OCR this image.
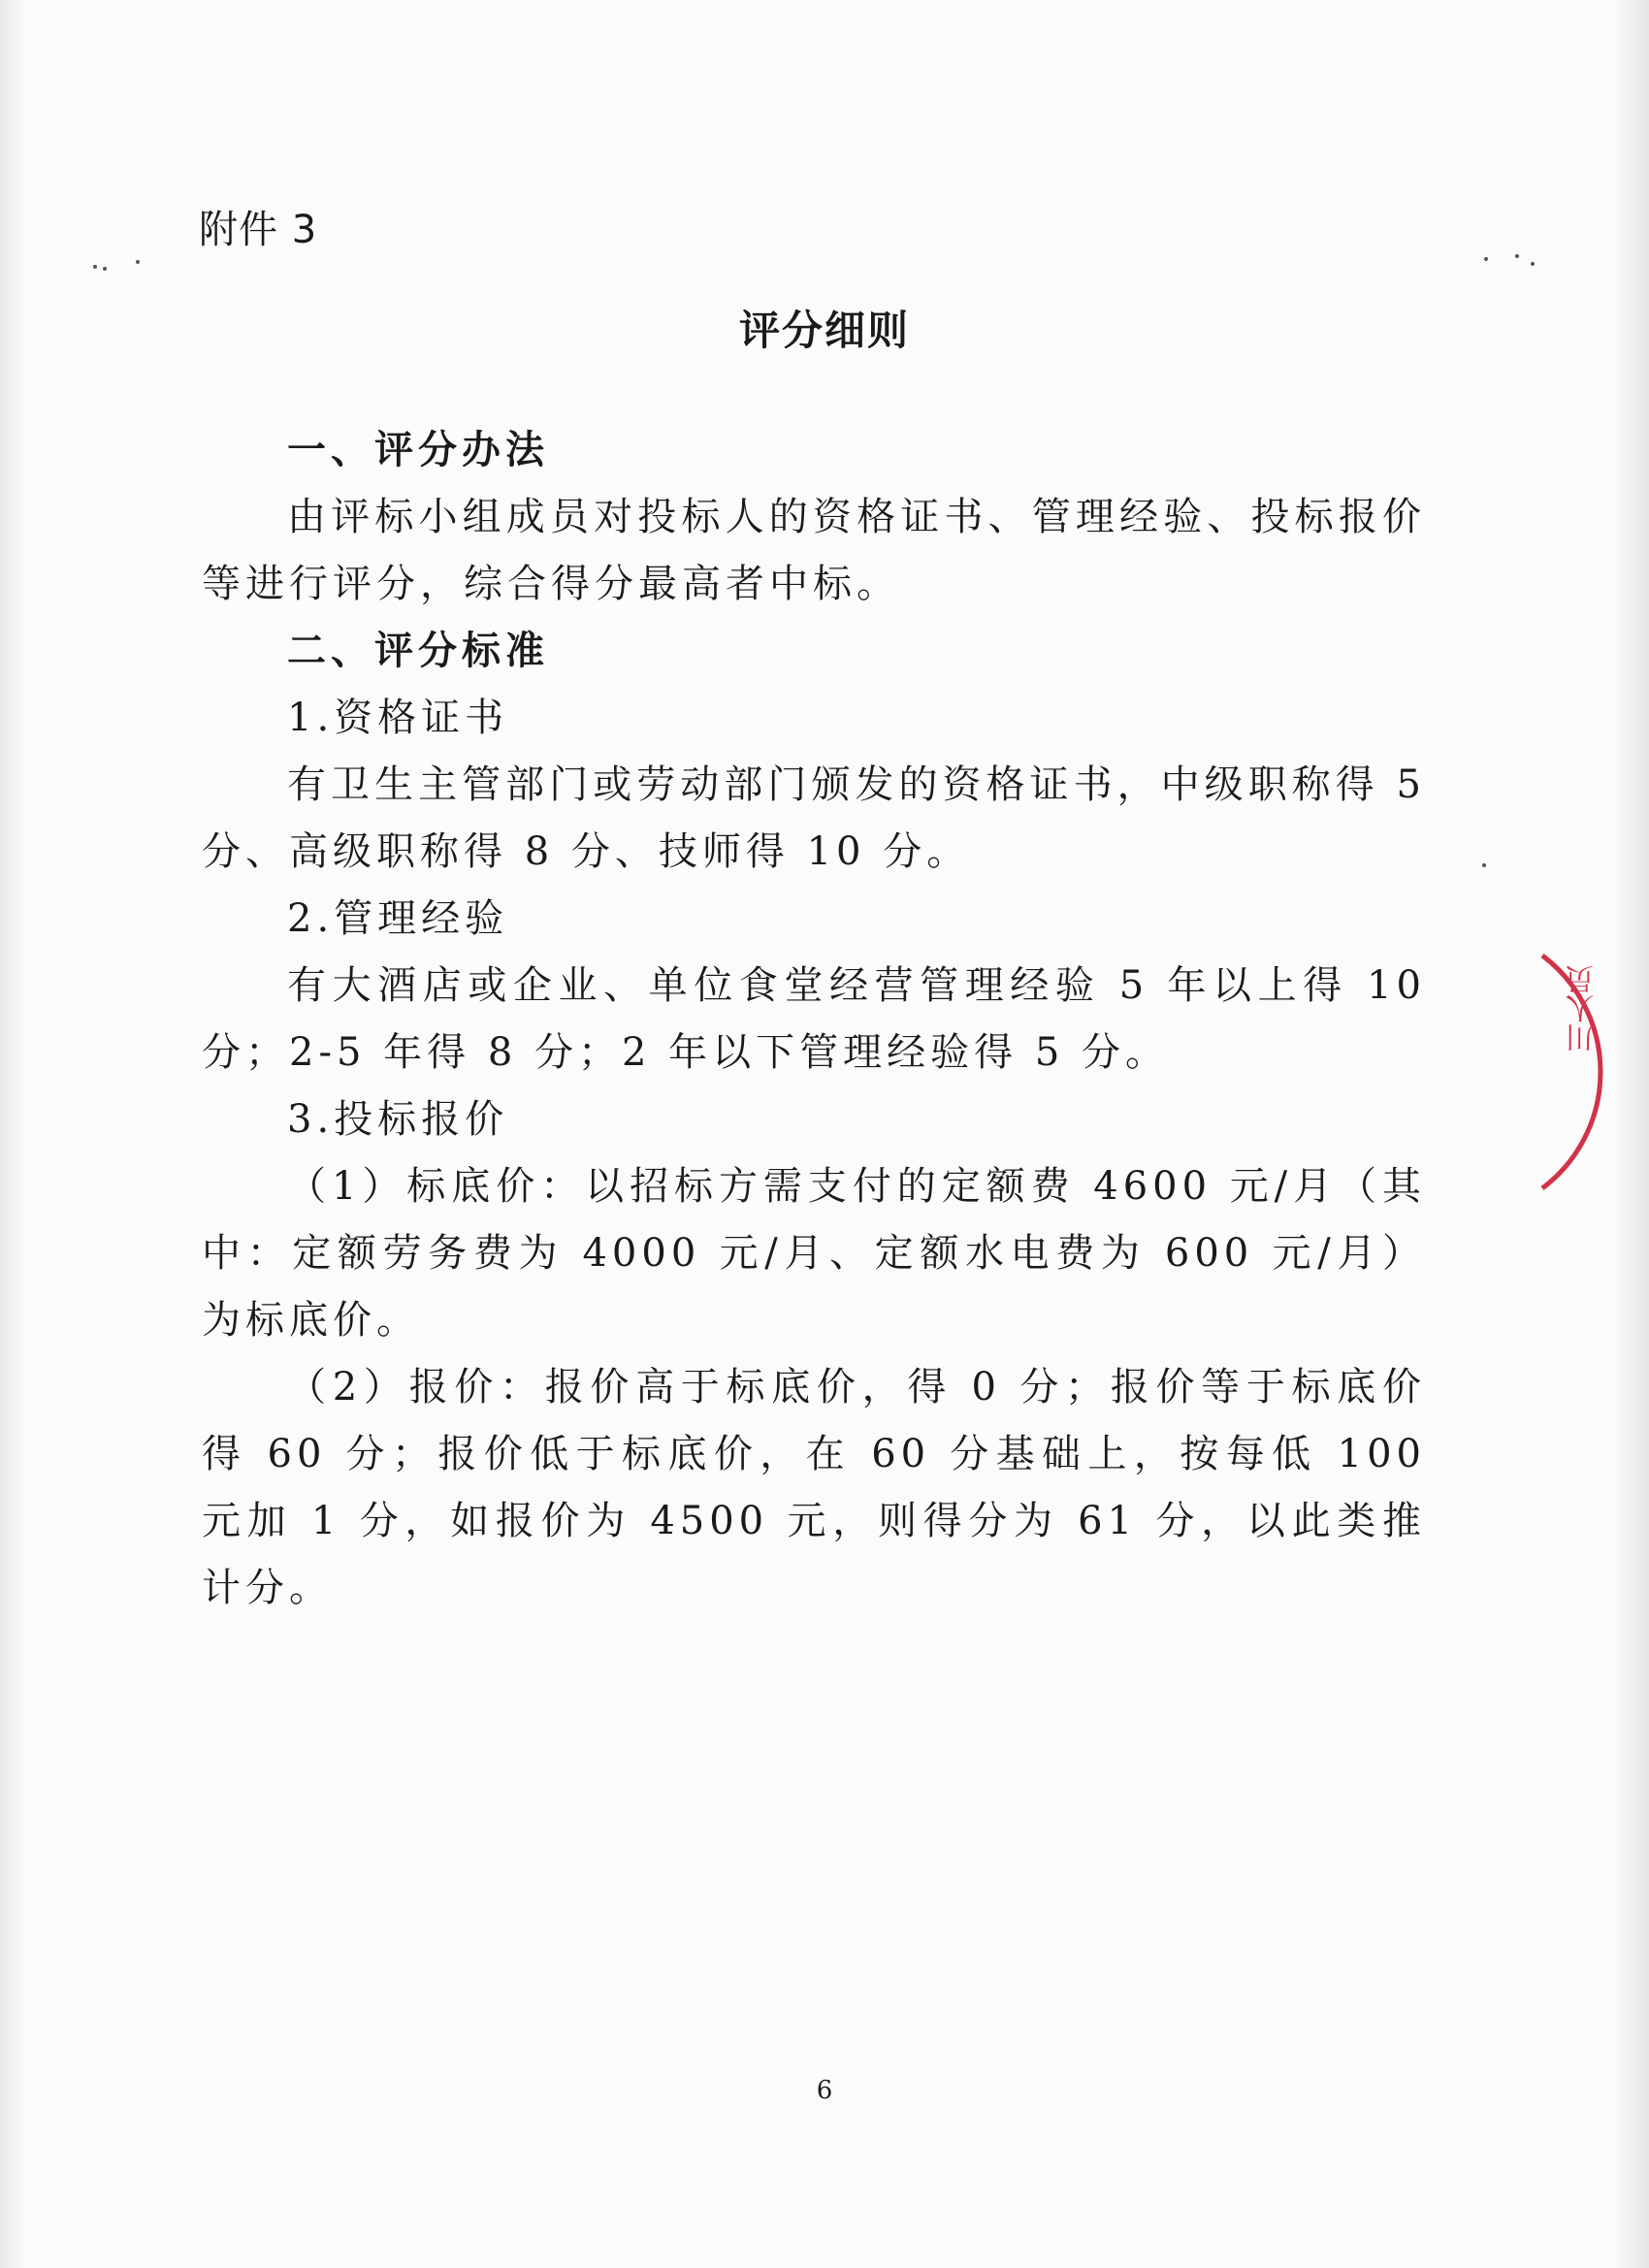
附件 3
评分细则

一、评分办法

由评标小组成员对投标人的资格证书、管理经验、投标报价等进行评分，综合得分最高者中标。

二、评分标准

1.资格证书

有卫生主管部门或劳动部门颁发的资格证书，中级职称得 5 分、高级职称得 8 分、技师得 10 分。

2.管理经验

有大酒店或企业、单位食堂经营管理经验 5 年以上得 10 分；2-5 年得 8 分；2 年以下管理经验得 5 分。

3.投标报价

（1）标底价：以招标方需支付的定额费 4600 元/月（其中：定额劳务费为 4000 元/月、定额水电费为 600 元/月）为标底价。

（2）报价：报价高于标底价，得 0 分；报价等于标底价得 60 分；报价低于标底价，在 60 分基础上，按每低 100 元加 1 分，如报价为 4500 元，则得分为 61 分，以此类推计分。

川人员
6
